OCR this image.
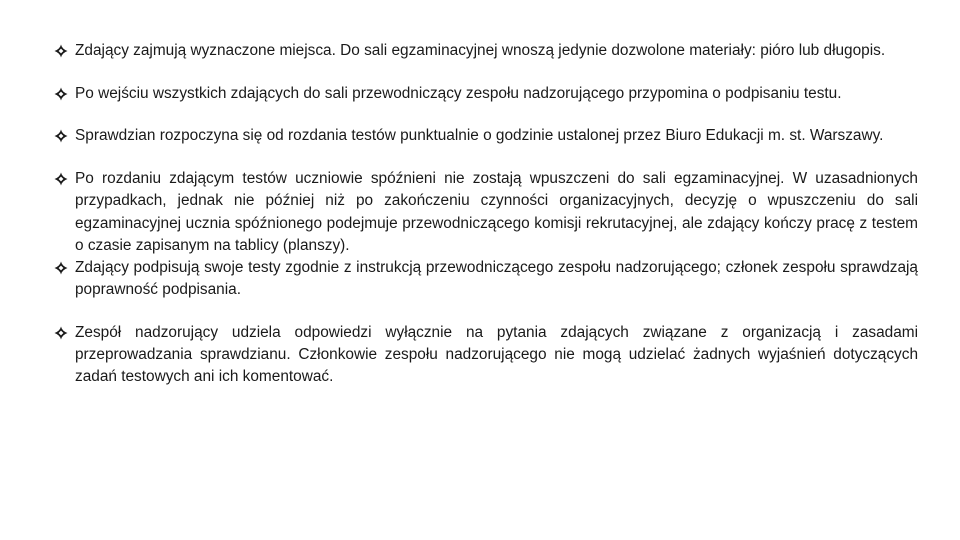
Zdający zajmują wyznaczone miejsca. Do sali egzaminacyjnej wnoszą jedynie dozwolone materiały: pióro lub długopis.
Po wejściu wszystkich zdających do sali przewodniczący zespołu nadzorującego przypomina o podpisaniu testu.
Sprawdzian rozpoczyna się od rozdania testów punktualnie o godzinie ustalonej przez Biuro Edukacji m. st. Warszawy.
Po rozdaniu zdającym testów uczniowie spóźnieni nie zostają wpuszczeni do sali egzaminacyjnej. W uzasadnionych przypadkach, jednak nie później niż po zakończeniu czynności organizacyjnych, decyzję o wpuszczeniu do sali egzaminacyjnej ucznia spóźnionego podejmuje przewodniczącego komisji rekrutacyjnej, ale zdający kończy pracę z testem o czasie zapisanym na tablicy (planszy).
Zdający podpisują swoje testy zgodnie z instrukcją przewodniczącego zespołu nadzorującego; członek zespołu sprawdzają poprawność podpisania.
Zespół nadzorujący udziela odpowiedzi wyłącznie na pytania zdających związane z organizacją i zasadami przeprowadzania sprawdzianu. Członkowie zespołu nadzorującego nie mogą udzielać żadnych wyjaśnień dotyczących zadań testowych ani ich komentować.
